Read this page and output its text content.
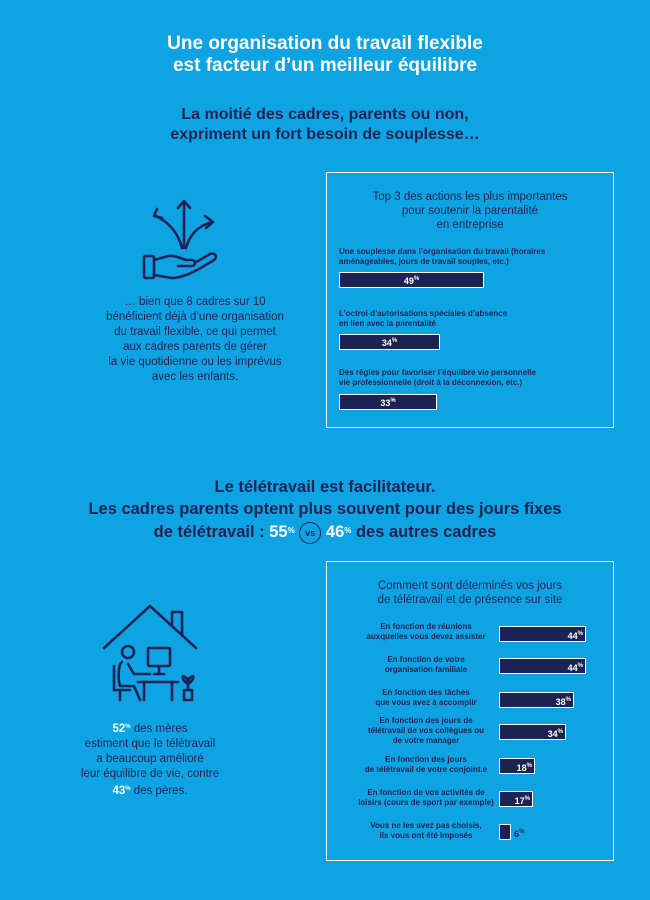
Une organisation du travail flexible
est facteur d’un meilleur équilibre
La moitié des cadres, parents ou non,
expriment un fort besoin de souplesse…
… bien que 8 cadres sur 10
bénéficient déjà d’une organisation
du travail flexible, ce qui permet
aux cadres parents de gérer
la vie quotidienne ou les imprévus
avec les enfants.
Top 3 des actions les plus importantes
pour soutenir la parentalité
en entreprise
Une souplesse dans l’organisation du travail (horaires
aménageables, jours de travail souples, etc.)
49%
L’octroi d’autorisations spéciales d’absence
en lien avec la parentalité
34%
Des règles pour favoriser l’équilibre vie personnelle
vie professionnelle (droit à la déconnexion, etc.)
33%
Le télétravail est facilitateur.
Les cadres parents optent plus souvent pour des jours fixes
de télétravail : 55% vs 46% des autres cadres
52% des mères
estiment que le télétravail
a beaucoup amélioré
leur équilibre de vie, contre
43% des pères.
Comment sont déterminés vos jours
de télétravail et de présence sur site
En fonction de réunions
auxquelles vous devez assister	44%
En fonction de votre
organisation familiale	44%
En fonction des tâches
que vous avez à accomplir	38%
En fonction des jours de
télétravail de vos collègues ou
de votre manager
34%
En fonction des jours
de télétravail de votre conjoint.e	18%
En fonction de vos activités de
loisirs (cours de sport par exemple)	17%
Vous ne les avez pas choisis,
ils vous ont été imposés	6%
